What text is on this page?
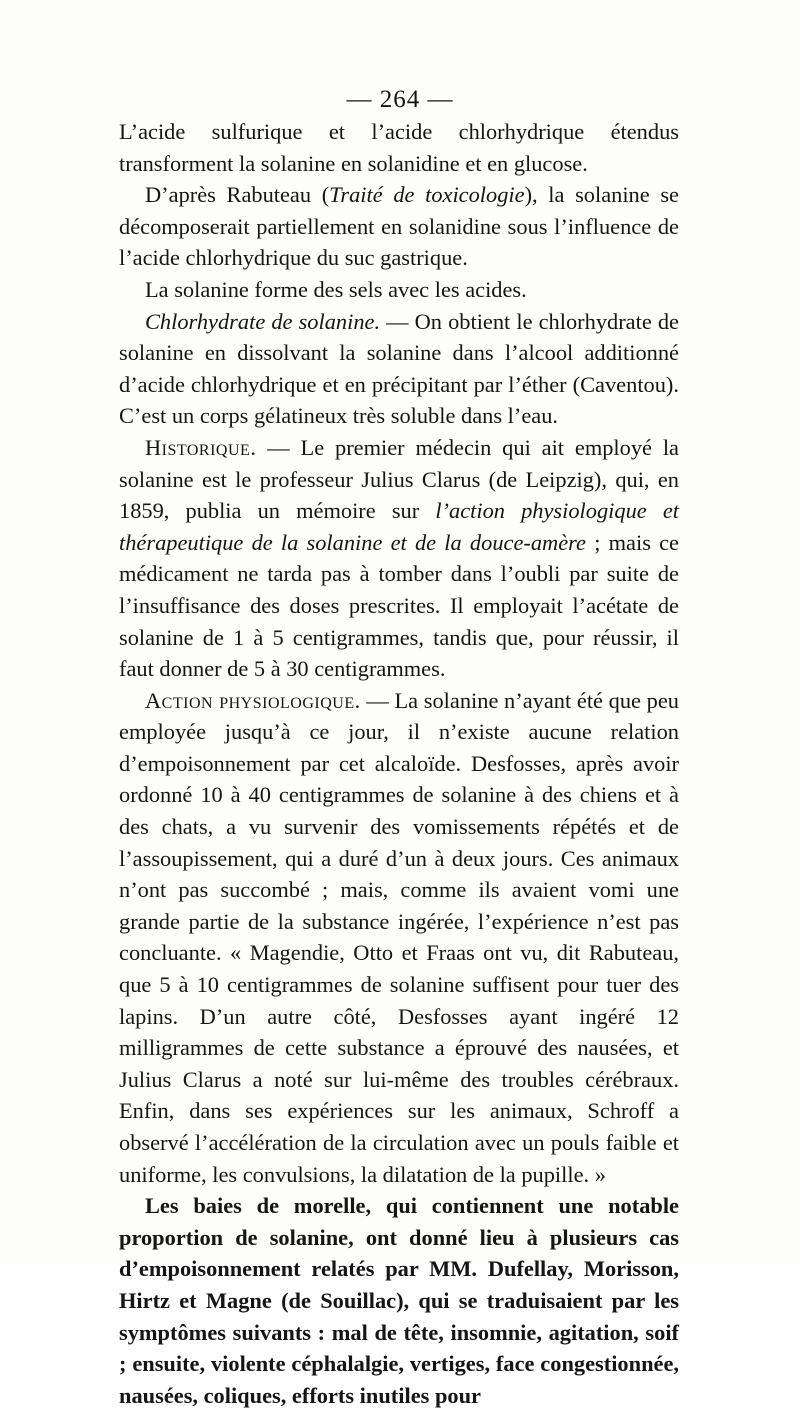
— 264 —

L’acide sulfurique et l’acide chlorhydrique étendus transforment la solanine en solanidine et en glucose.

D’après Rabuteau (Traité de toxicologie), la solanine se décomposerait partiellement en solanidine sous l’influence de l’acide chlorhydrique du suc gastrique.

La solanine forme des sels avec les acides.

Chlorhydrate de solanine. — On obtient le chlorhydrate de solanine en dissolvant la solanine dans l’alcool additionné d’acide chlorhydrique et en précipitant par l’éther (Caventou). C’est un corps gélatineux très soluble dans l’eau.

Historique. — Le premier médecin qui ait employé la solanine est le professeur Julius Clarus (de Leipzig), qui, en 1859, publia un mémoire sur l’action physiologique et thérapeutique de la solanine et de la douce-amère ; mais ce médicament ne tarda pas à tomber dans l’oubli par suite de l’insuffisance des doses prescrites. Il employait l’acétate de solanine de 1 à 5 centigrammes, tandis que, pour réussir, il faut donner de 5 à 30 centigrammes.

Action physiologique. — La solanine n’ayant été que peu employée jusqu’à ce jour, il n’existe aucune relation d’empoisonnement par cet alcaloïde. Desfosses, après avoir ordonné 10 à 40 centigrammes de solanine à des chiens et à des chats, a vu survenir des vomissements répétés et de l’assoupissement, qui a duré d’un à deux jours. Ces animaux n’ont pas succombé ; mais, comme ils avaient vomi une grande partie de la substance ingérée, l’expérience n’est pas concluante. « Magendie, Otto et Fraas ont vu, dit Rabuteau, que 5 à 10 centigrammes de solanine suffisent pour tuer des lapins. D’un autre côté, Desfosses ayant ingéré 12 milligrammes de cette substance a éprouvé des nausées, et Julius Clarus a noté sur lui-même des troubles cérébraux. Enfin, dans ses expériences sur les animaux, Schroff a observé l’accélération de la circulation avec un pouls faible et uniforme, les convulsions, la dilatation de la pupille. »

Les baies de morelle, qui contiennent une notable proportion de solanine, ont donné lieu à plusieurs cas d’empoisonnement relatés par MM. Dufellay, Morisson, Hirtz et Magne (de Souillac), qui se traduisaient par les symptômes suivants : mal de tête, insomnie, agitation, soif ; ensuite, violente céphalalgie, vertiges, face congestionnée, nausées, coliques, efforts inutiles pour
